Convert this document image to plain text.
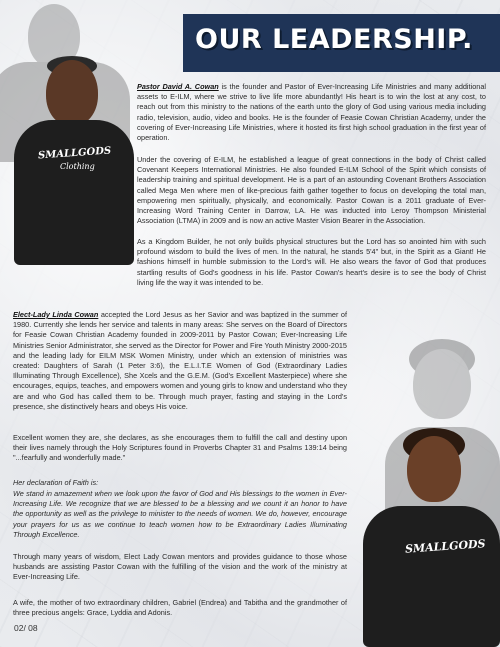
SMALLGODS
Clothing
SMALLGODS
OUR LEADERSHIP.

Pastor David A. Cowan is the founder and Pastor of Ever-Increasing Life Ministries and many additional assets to E-ILM, where we strive to live life more abundantly! His heart is to win the lost at any cost, to reach out from this ministry to the nations of the earth unto the glory of God using various media including radio, television, audio, video and books. He is the founder of Feasie Cowan Christian Academy, under the covering of Ever-Increasing Life Ministries, where it hosted its first high school graduation in the first year of operation.

Under the covering of E-ILM, he established a league of great connections in the body of Christ called Covenant Keepers International Ministries. He also founded E-ILM School of the Spirit which consists of leadership training and spiritual development. He is a part of an astounding Covenant Brothers Association called Mega Men where men of like-precious faith gather together to focus on developing the total man, empowering men spiritually, physically, and economically. Pastor Cowan is a 2011 graduate of Ever-Increasing Word Training Center in Darrow, LA. He was inducted into Leroy Thompson Ministerial Association (LTMA) in 2009 and is now an active Master Vision Bearer in the Association.

As a Kingdom Builder, he not only builds physical structures but the Lord has so anointed him with such profound wisdom to build the lives of men. In the natural, he stands 5'4" but, in the Spirit as a Giant! He fashions himself in humble submission to the Lord's will. He also wears the favor of God that produces startling results of God's goodness in his life. Pastor Cowan's heart's desire is to see the body of Christ living life the way it was intended to be.

Elect-Lady Linda Cowan accepted the Lord Jesus as her Savior and was baptized in the summer of 1980. Currently she lends her service and talents in many areas: She serves on the Board of Directors for Feasie Cowan Christian Academy founded in 2009-2011 by Pastor Cowan; Ever-Increasing Life Ministries Senior Administrator, she served as the Director for Power and Fire Youth Ministry 2000-2015 and the leading lady for EILM MSK Women Ministry, under which an extension of ministries was created: Daughters of Sarah (1 Peter 3:6), the E.L.I.T.E Women of God (Extraordinary Ladies Illuminating Through Excellence), She Xcels and the G.E.M. (God's Excellent Masterpiece) where she encourages, equips, teaches, and empowers women and young girls to know and understand who they are and who God has called them to be. Through much prayer, fasting and staying in the Lord's presence, she distinctively hears and obeys His voice.

Excellent women they are, she declares, as she encourages them to fulfill the call and destiny upon their lives namely through the Holy Scriptures found in Proverbs Chapter 31 and Psalms 139:14 being "...fearfully and wonderfully made."

Her declaration of Faith is:

We stand in amazement when we look upon the favor of God and His blessings to the women in Ever-Increasing Life. We recognize that we are blessed to be a blessing and we count it an honor to have the opportunity as well as the privilege to minister to the needs of women. We do, however, encourage your prayers for us as we continue to teach women how to be Extraordinary Ladies Illuminating Through Excellence.

Through many years of wisdom, Elect Lady Cowan mentors and provides guidance to those whose husbands are assisting Pastor Cowan with the fulfilling of the vision and the work of the ministry at Ever-Increasing Life.

A wife, the mother of two extraordinary children, Gabriel (Endrea) and Tabitha and the grandmother of three precious angels: Grace, Lyddia and Adonis.

02/ 08
